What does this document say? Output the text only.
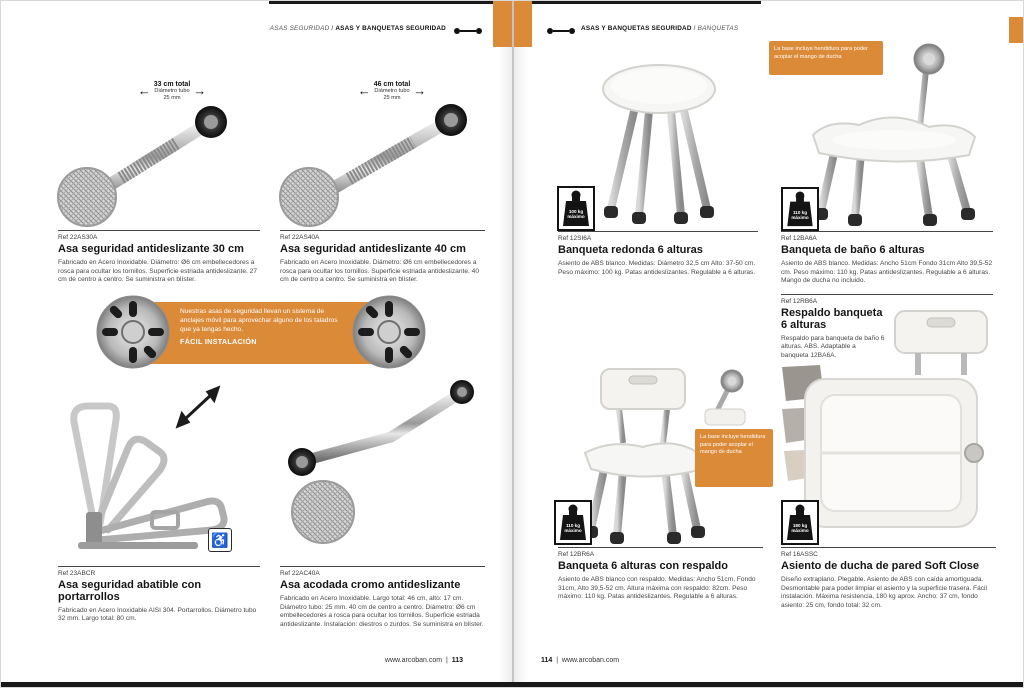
ASAS SEGURIDAD / ASAS Y BANQUETAS SEGURIDAD	ASAS Y BANQUETAS SEGURIDAD / BANQUETAS
← 33 cm total
Diámetro tubo
25 mm →	← 46 cm total
Diámetro tubo
25 mm →
Ref 22AS30A
Asa seguridad antideslizante 30 cm
Fabricado en Acero Inoxidable. Diámetro: Ø6 cm embellecedores a rosca para ocultar los tornillos. Superficie estriada antideslizante. 27 cm de centro a centro. Se suministra en blíster.
Ref 22AS40A
Asa seguridad antideslizante 40 cm
Fabricado en Acero Inoxidable. Diámetro: Ø6 cm embellecedores a rosca para ocultar los tornillos. Superficie estriada antideslizante. 40 cm de centro a centro. Se suministra en blíster.
Nuestras asas de seguridad llevan un sistema de anclajes móvil para aprovechar alguno de los taladros que ya tengas hecho.
FÁCIL INSTALACIÓN
♿
Ref 23ABCR
Asa seguridad abatible con portarrollos
Fabricado en Acero Inoxidable AISI 304. Portarrollos. Diámetro tubo 32 mm. Largo total: 80 cm.
Ref 22AC40A
Asa acodada cromo antideslizante
Fabricado en Acero Inoxidable. Largo total: 46 cm, alto: 17 cm. Diámetro tubo: 25 mm. 40 cm de centro a centro. Diámetro: Ø6 cm embellecedores a rosca para ocultar los tornillos. Superficie estriada antideslizante. Instalación: diestros o zurdos. Se suministra en blíster.
www.arcoban.com | 113
La base incluye hendidura para poder acoplar el mango de ducha
100 kg
máximo
110 kg
máximo
Ref 12SI6A
Banqueta redonda 6 alturas
Asiento de ABS blanco. Medidas: Diámetro 32,5 cm Alto: 37-50 cm. Peso máximo: 100 kg. Patas antideslizantes. Regulable a 6 alturas.
Ref 12BA6A
Banqueta de baño 6 alturas
Asiento de ABS blanco. Medidas: Ancho 51cm Fondo 31cm Alto 39,5-52 cm. Peso máximo: 110 kg. Patas antideslizantes. Regulable a 6 alturas. Mango de ducha no incluido.
Ref 12RB6A
Respaldo banqueta 6 alturas
Respaldo para banqueta de baño 6 alturas. ABS. Adaptable a banqueta 12BA6A.
La base incluye hendidura para poder acoplar el mango de ducha
110 kg
máximo
180 kg
máximo
Ref 12BR6A
Banqueta 6 alturas con respaldo
Asiento de ABS blanco con respaldo. Medidas: Ancho 51cm, Fondo 31cm, Alto 39,5-52 cm. Altura máxima con respaldo: 82cm. Peso máximo: 110 kg. Patas antideslizantes. Regulable a 6 alturas.
Ref 16ASSC
Asiento de ducha de pared Soft Close
Diseño extraplano. Plegable. Asiento de ABS con caída amortiguada. Desmontable para poder limpiar el asiento y la superficie trasera. Fácil instalación. Máxima resistencia, 180 kg aprox. Ancho: 37 cm, fondo asiento: 25 cm, fondo total: 32 cm.
114 | www.arcoban.com
